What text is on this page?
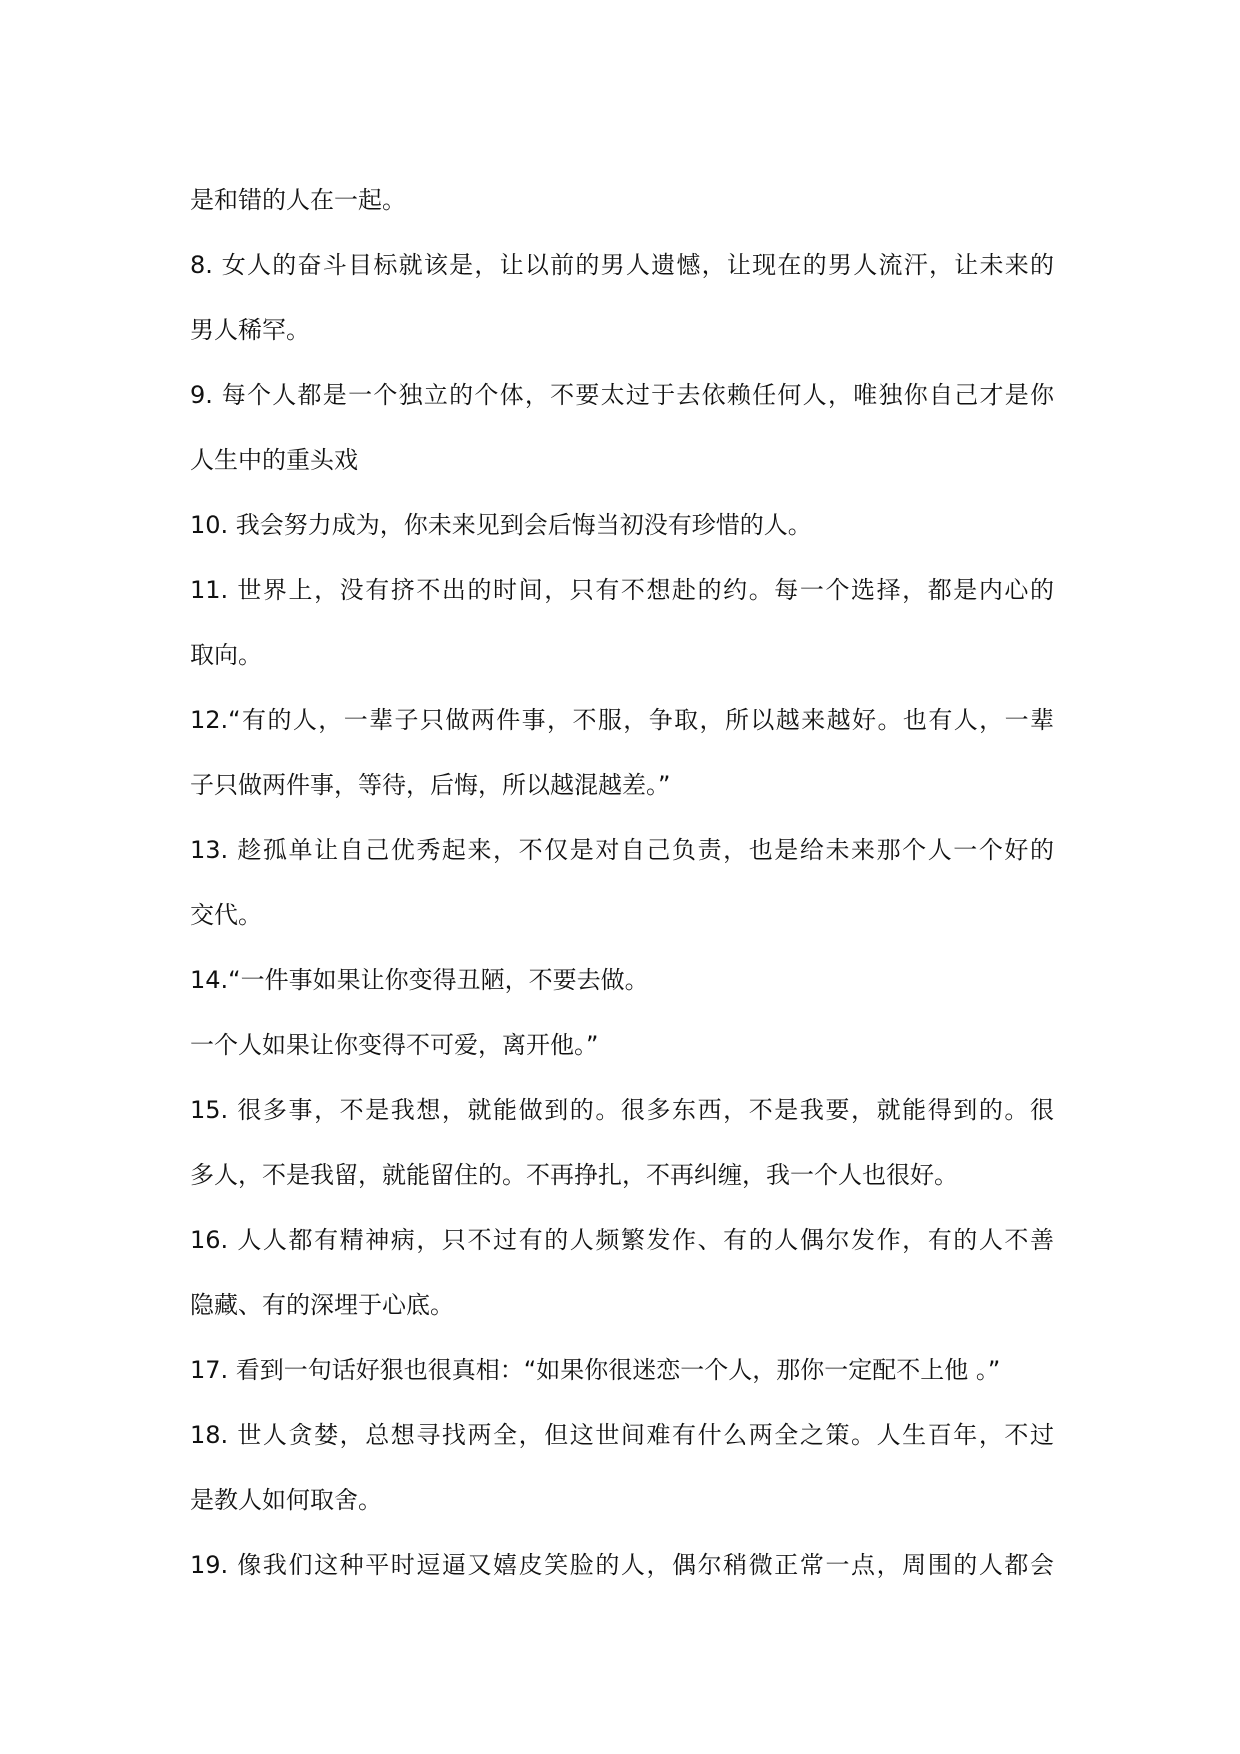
是和错的人在一起。
8. 女人的奋斗目标就该是，让以前的男人遗憾，让现在的男人流汗，让未来的
男人稀罕。
9. 每个人都是一个独立的个体，不要太过于去依赖任何人，唯独你自己才是你
人生中的重头戏
10. 我会努力成为，你未来见到会后悔当初没有珍惜的人。
11. 世界上，没有挤不出的时间，只有不想赴的约。每一个选择，都是内心的
取向。
12.“有的人，一辈子只做两件事，不服，争取，所以越来越好。也有人，一辈
子只做两件事，等待，后悔，所以越混越差。”
13. 趁孤单让自己优秀起来，不仅是对自己负责，也是给未来那个人一个好的
交代。
14.“一件事如果让你变得丑陋，不要去做。
一个人如果让你变得不可爱，离开他。”
15. 很多事，不是我想，就能做到的。很多东西，不是我要，就能得到的。很
多人，不是我留，就能留住的。不再挣扎，不再纠缠，我一个人也很好。
16. 人人都有精神病，只不过有的人频繁发作、有的人偶尔发作，有的人不善
隐藏、有的深埋于心底。
17. 看到一句话好狠也很真相：“如果你很迷恋一个人，那你一定配不上他 。”
18. 世人贪婪，总想寻找两全，但这世间难有什么两全之策。人生百年，不过
是教人如何取舍。
19. 像我们这种平时逗逼又嬉皮笑脸的人，偶尔稍微正常一点，周围的人都会
